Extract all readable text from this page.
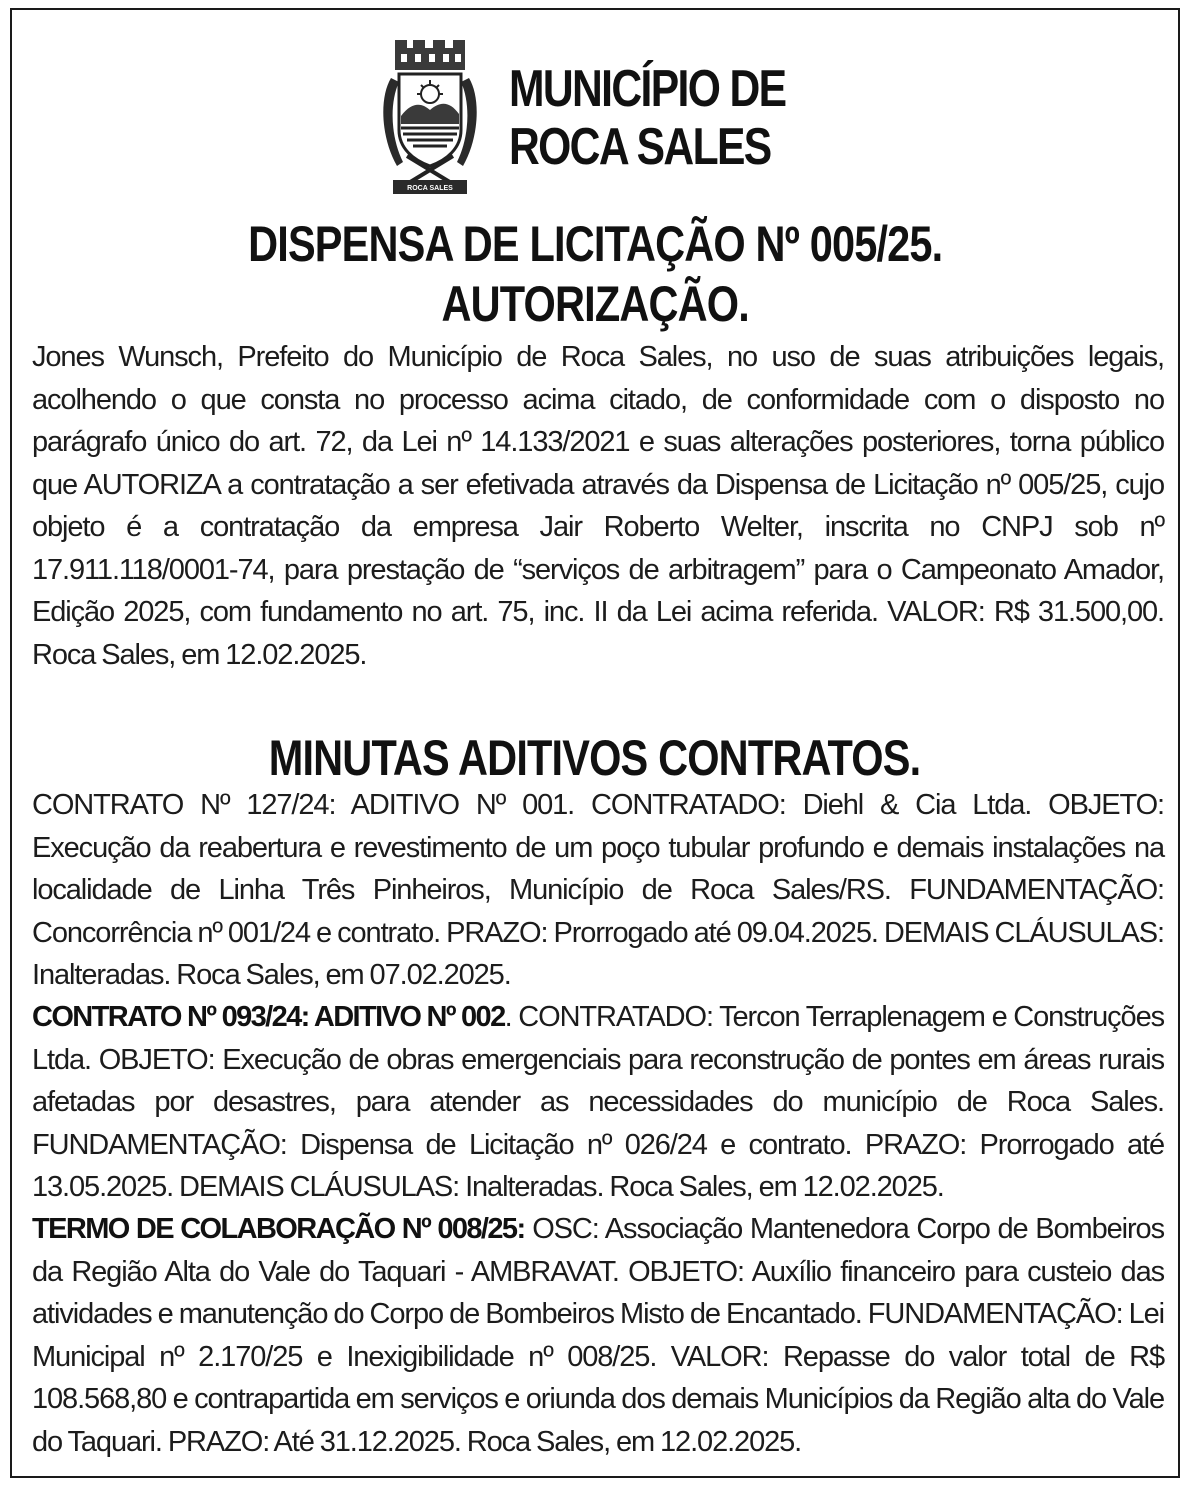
ROCA SALES
MUNICÍPIO DE
ROCA SALES
DISPENSA DE LICITAÇÃO Nº 005/25.
AUTORIZAÇÃO.
Jones Wunsch, Prefeito do Município de Roca Sales, no uso de suas atribuições legais, acolhendo o que consta no processo acima citado, de conformidade com o disposto no parágrafo único do art. 72, da Lei nº 14.133/2021 e suas alterações posteriores, torna público que AUTORIZA a contratação a ser efetivada através da Dispensa de Licitação nº 005/25, cujo objeto é a contratação da empresa Jair Roberto Welter, inscrita no CNPJ sob nº 17.911.118/0001-74, para prestação de “serviços de arbitragem” para o Campeonato Amador, Edição 2025, com fundamento no art. 75, inc. II da Lei acima referida. VALOR: R$ 31.500,00. Roca Sales, em 12.02.2025.
MINUTAS ADITIVOS CONTRATOS.
CONTRATO Nº 127/24: ADITIVO Nº 001. CONTRATADO: Diehl & Cia Ltda. OBJETO: Execução da reabertura e revestimento de um poço tubular profundo e demais instalações na localidade de Linha Três Pinheiros, Município de Roca Sales/RS. FUNDAMENTAÇÃO: Concorrência nº 001/24 e contrato. PRAZO: Prorrogado até 09.04.2025. DEMAIS CLÁUSULAS: Inalteradas. Roca Sales, em 07.02.2025.
CONTRATO Nº 093/24: ADITIVO Nº 002. CONTRATADO: Tercon Terraplenagem e Construções Ltda. OBJETO: Execução de obras emergenciais para reconstrução de pontes em áreas rurais afetadas por desastres, para atender as necessidades do município de Roca Sales. FUNDAMENTAÇÃO: Dispensa de Licitação nº 026/24 e contrato. PRAZO: Prorrogado até 13.05.2025. DEMAIS CLÁUSULAS: Inalteradas. Roca Sales, em 12.02.2025.
TERMO DE COLABORAÇÃO Nº 008/25: OSC: Associação Mantenedora Corpo de Bombeiros da Região Alta do Vale do Taquari - AMBRAVAT. OBJETO: Auxílio financeiro para custeio das atividades e manutenção do Corpo de Bombeiros Misto de Encantado. FUNDAMENTAÇÃO: Lei Municipal nº 2.170/25 e Inexigibilidade nº 008/25. VALOR: Repasse do valor total de R$ 108.568,80 e contrapartida em serviços e oriunda dos demais Municípios da Região alta do Vale do Taquari. PRAZO: Até 31.12.2025. Roca Sales, em 12.02.2025.
